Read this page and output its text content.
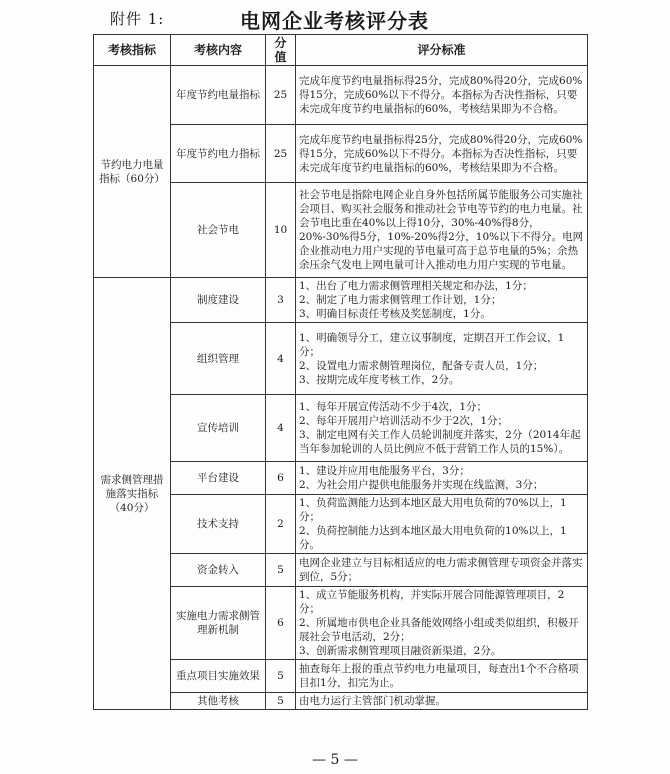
附件 1:	电网企业考核评分表
考核指标	考核内容	分值	评分标准
节约电力电量指标（60分）	年度节约电量指标	25	完成年度节约电量指标得25分，完成80%得20分，完成60%得15分，完成60%以下不得分。本指标为否决性指标，只要未完成年度节约电量指标的60%，考核结果即为不合格。

	年度节约电力指标	25	完成年度节约电量指标得25分，完成80%得20分，完成60%得15分，完成60%以下不得分。本指标为否决性指标，只要未完成年度节约电量指标的60%，考核结果即为不合格。

	社会节电	10	社会节电是指除电网企业自身外包括所属节能服务公司实施社会项目、购买社会服务和推动社会节电等节约的电力电量。社会节电比重在40%以上得10分，30%-40%得8分，20%-30%得5分，10%-20%得2分，10%以下不得分。电网企业推动电力用户实现的节电量可高于总节电量的5%；余热余压余气发电上网电量可计入推动电力用户实现的节电量。

需求侧管理措施落实指标（40分）	制度建设	3	1、出台了电力需求侧管理相关规定和办法，1分；
2、制定了电力需求侧管理工作计划，1分；
3、明确目标责任考核及奖惩制度，1分。

	组织管理	4	1、明确领导分工，建立议事制度，定期召开工作会议，1分；
2、设置电力需求侧管理岗位，配备专责人员，1分；
3、按期完成年度考核工作，2分。

	宣传培训	4	1、每年开展宣传活动不少于4次，1分；
2、每年开展用户培训活动不少于2次，1分；
3、制定电网有关工作人员轮训制度并落实，2分（2014年起当年参加轮训的人员比例应不低于营销工作人员的15%）。

	平台建设	6	1、建设并应用电能服务平台，3分；
2、为社会用户提供电能服务并实现在线监测，3分；

	技术支持	2	1、负荷监测能力达到本地区最大用电负荷的70%以上，1分；
2、负荷控制能力达到本地区最大用电负荷的10%以上，1分。

	资金转入	5	电网企业建立与目标相适应的电力需求侧管理专项资金并落实到位，5分；

	实施电力需求侧管理新机制	6	1、成立节能服务机构，并实际开展合同能源管理项目，2分；
2、所属地市供电企业具备能效网络小组或类似组织，积极开展社会节电活动，2分；
3、创新需求侧管理项目融资新渠道，2分。

	重点项目实施效果	5	抽查每年上报的重点节约电力电量项目，每查出1个不合格项目扣1分，扣完为止。

	其他考核	5	由电力运行主管部门机动掌握。
— 5 —
